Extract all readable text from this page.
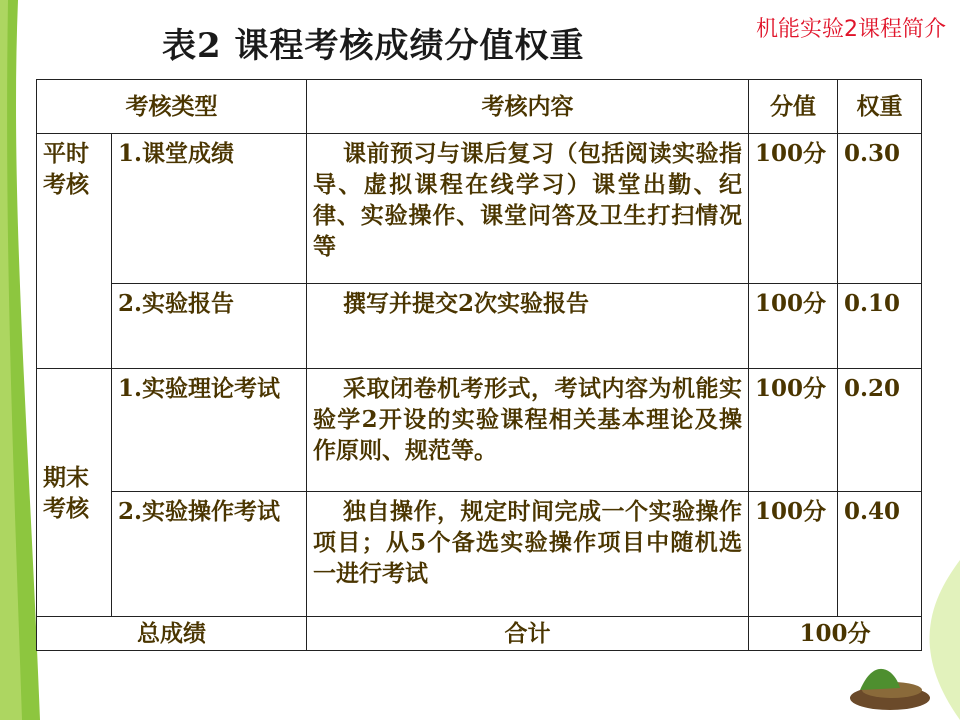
表2 课程考核成绩分值权重	机能实验2课程简介
考核类型		考核内容	分值	权重
平时考核	1.课堂成绩	课前预习与课后复习（包括阅读实验指导、虚拟课程在线学习）课堂出勤、纪律、实验操作、课堂问答及卫生打扫情况等	100分	0.30
	2.实验报告	撰写并提交2次实验报告	100分	0.10
期末考核	1.实验理论考试	采取闭卷机考形式，考试内容为机能实验学2开设的实验课程相关基本理论及操作原则、规范等。	100分	0.20
	2.实验操作考试	独自操作，规定时间完成一个实验操作项目；从5个备选实验操作项目中随机选一进行考试	100分	0.40
总成绩		合计	100分	
